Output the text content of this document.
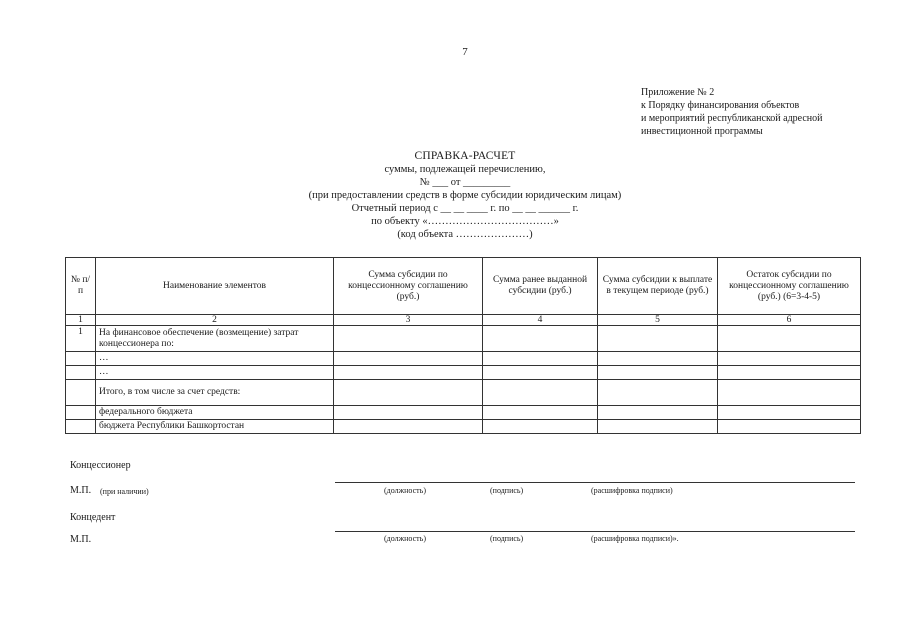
7
Приложение № 2
к Порядку финансирования объектов
и мероприятий республиканской адресной
инвестиционной программы
СПРАВКА-РАСЧЕТ
суммы, подлежащей перечислению,
№ ___ от _________
(при предоставлении средств в форме субсидии юридическим лицам)
Отчетный период с __ __ ____ г. по __ __ ______ г.
по объекту «………………………………»
(код объекта …………………)
№ п/п	Наименование элементов	Сумма субсидии по концессионному соглашению (руб.)	Сумма ранее выданной субсидии (руб.)	Сумма субсидии к выплате в текущем периоде (руб.)	Остаток субсидии по концессионному соглашению (руб.) (6=3-4-5)
1	2	3	4	5	6
1	На финансовое обеспечение (возмещение) затрат концессионера по:				
	…				
	…				
	Итого, в том числе за счет средств:				
	федерального бюджета				
	бюджета Республики Башкортостан				
Концессионер
М.П. (при наличии)	(должность)	(подпись)	(расшифровка подписи)
Концедент
М.П.	(должность)	(подпись)	(расшифровка подписи)».
